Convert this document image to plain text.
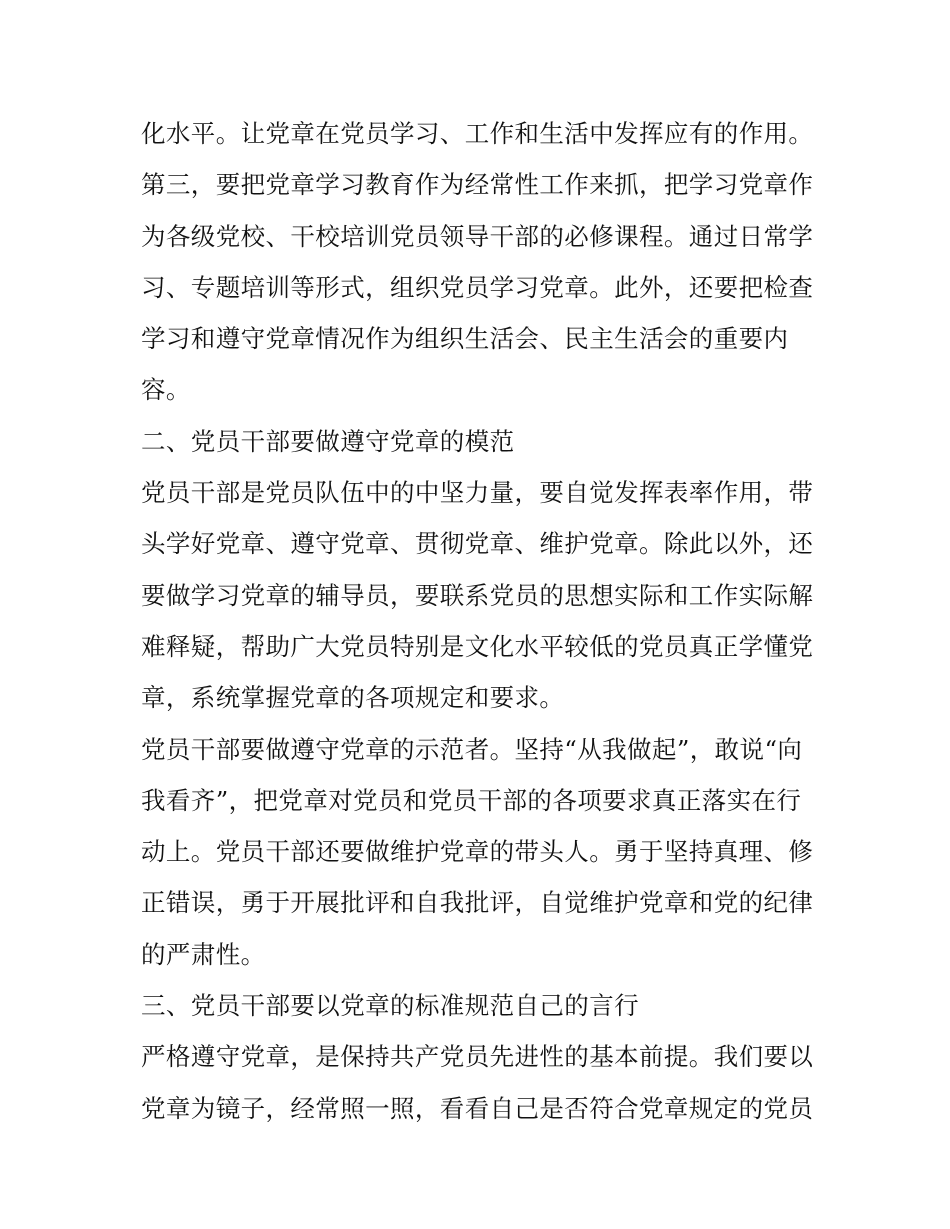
化水平。让党章在党员学习、工作和生活中发挥应有的作用。
第三，要把党章学习教育作为经常性工作来抓，把学习党章作
为各级党校、干校培训党员领导干部的必修课程。通过日常学
习、专题培训等形式，组织党员学习党章。此外，还要把检查
学习和遵守党章情况作为组织生活会、民主生活会的重要内
容。
二、党员干部要做遵守党章的模范
党员干部是党员队伍中的中坚力量，要自觉发挥表率作用，带
头学好党章、遵守党章、贯彻党章、维护党章。除此以外，还
要做学习党章的辅导员，要联系党员的思想实际和工作实际解
难释疑，帮助广大党员特别是文化水平较低的党员真正学懂党
章，系统掌握党章的各项规定和要求。
党员干部要做遵守党章的示范者。坚持“从我做起”，敢说“向
我看齐”，把党章对党员和党员干部的各项要求真正落实在行
动上。党员干部还要做维护党章的带头人。勇于坚持真理、修
正错误，勇于开展批评和自我批评，自觉维护党章和党的纪律
的严肃性。
三、党员干部要以党章的标准规范自己的言行
严格遵守党章，是保持共产党员先进性的基本前提。我们要以
党章为镜子，经常照一照，看看自己是否符合党章规定的党员
